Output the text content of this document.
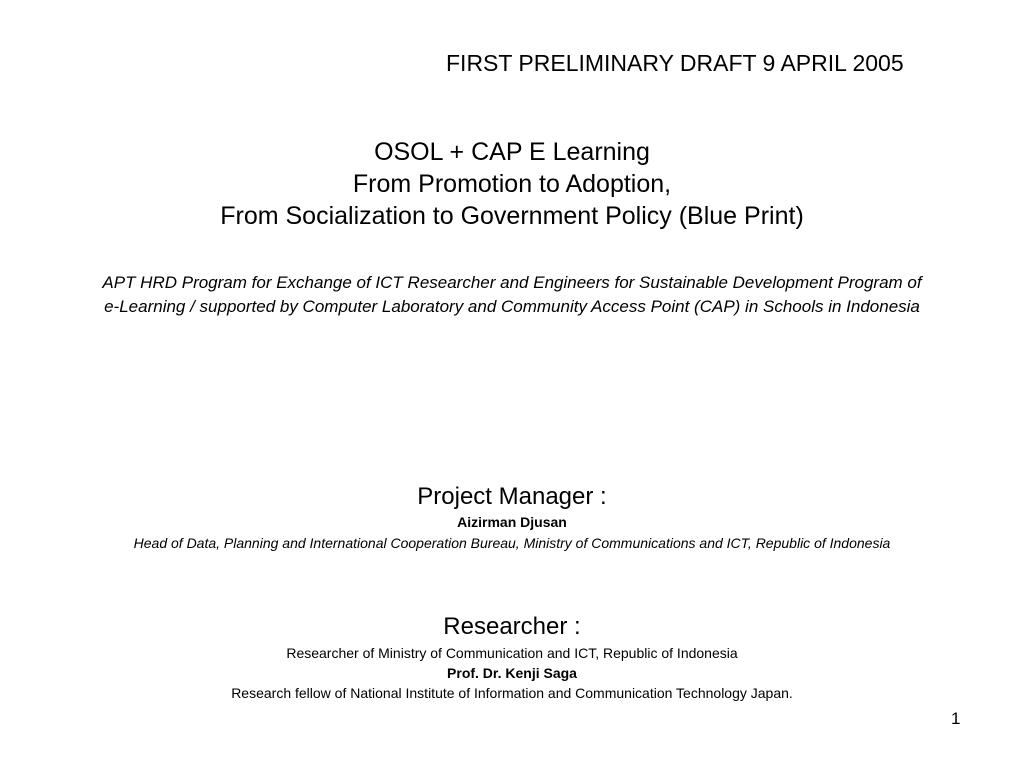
FIRST PRELIMINARY DRAFT 9 APRIL 2005
OSOL + CAP E Learning
From Promotion to Adoption,
From Socialization to Government Policy (Blue Print)
APT HRD Program for Exchange of ICT Researcher and Engineers for Sustainable Development Program of e-Learning / supported by Computer Laboratory and Community Access Point (CAP) in Schools in Indonesia
Project Manager :
Aizirman Djusan
Head of Data, Planning and International Cooperation Bureau, Ministry of Communications and ICT, Republic of Indonesia
Researcher :
Researcher of Ministry of Communication and ICT, Republic of Indonesia
Prof. Dr. Kenji Saga
Research fellow of National Institute of Information and Communication Technology Japan.
1
